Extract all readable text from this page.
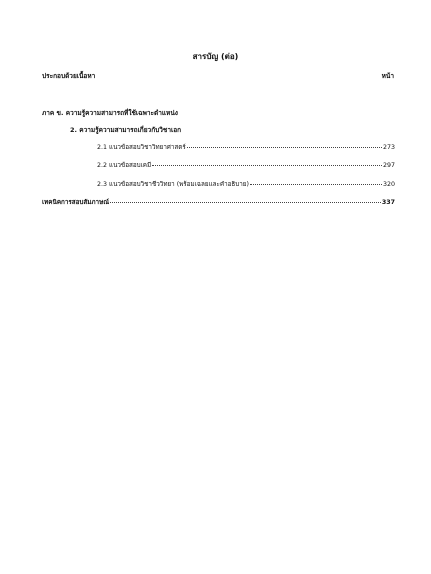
สารบัญ (ต่อ)
ประกอบด้วยเนื้อหา	หน้า
ภาค ข. ความรู้ความสามารถที่ใช้เฉพาะตำแหน่ง
2. ความรู้ความสามารถเกี่ยวกับวิชาเอก
2.1 แนวข้อสอบวิชาวิทยาศาสตร์	273
2.2 แนวข้อสอบเคมี	297
2.3 แนวข้อสอบวิชาชีววิทยา (พร้อมเฉลยและคำอธิบาย)	320
เทคนิคการสอบสัมภาษณ์	337
